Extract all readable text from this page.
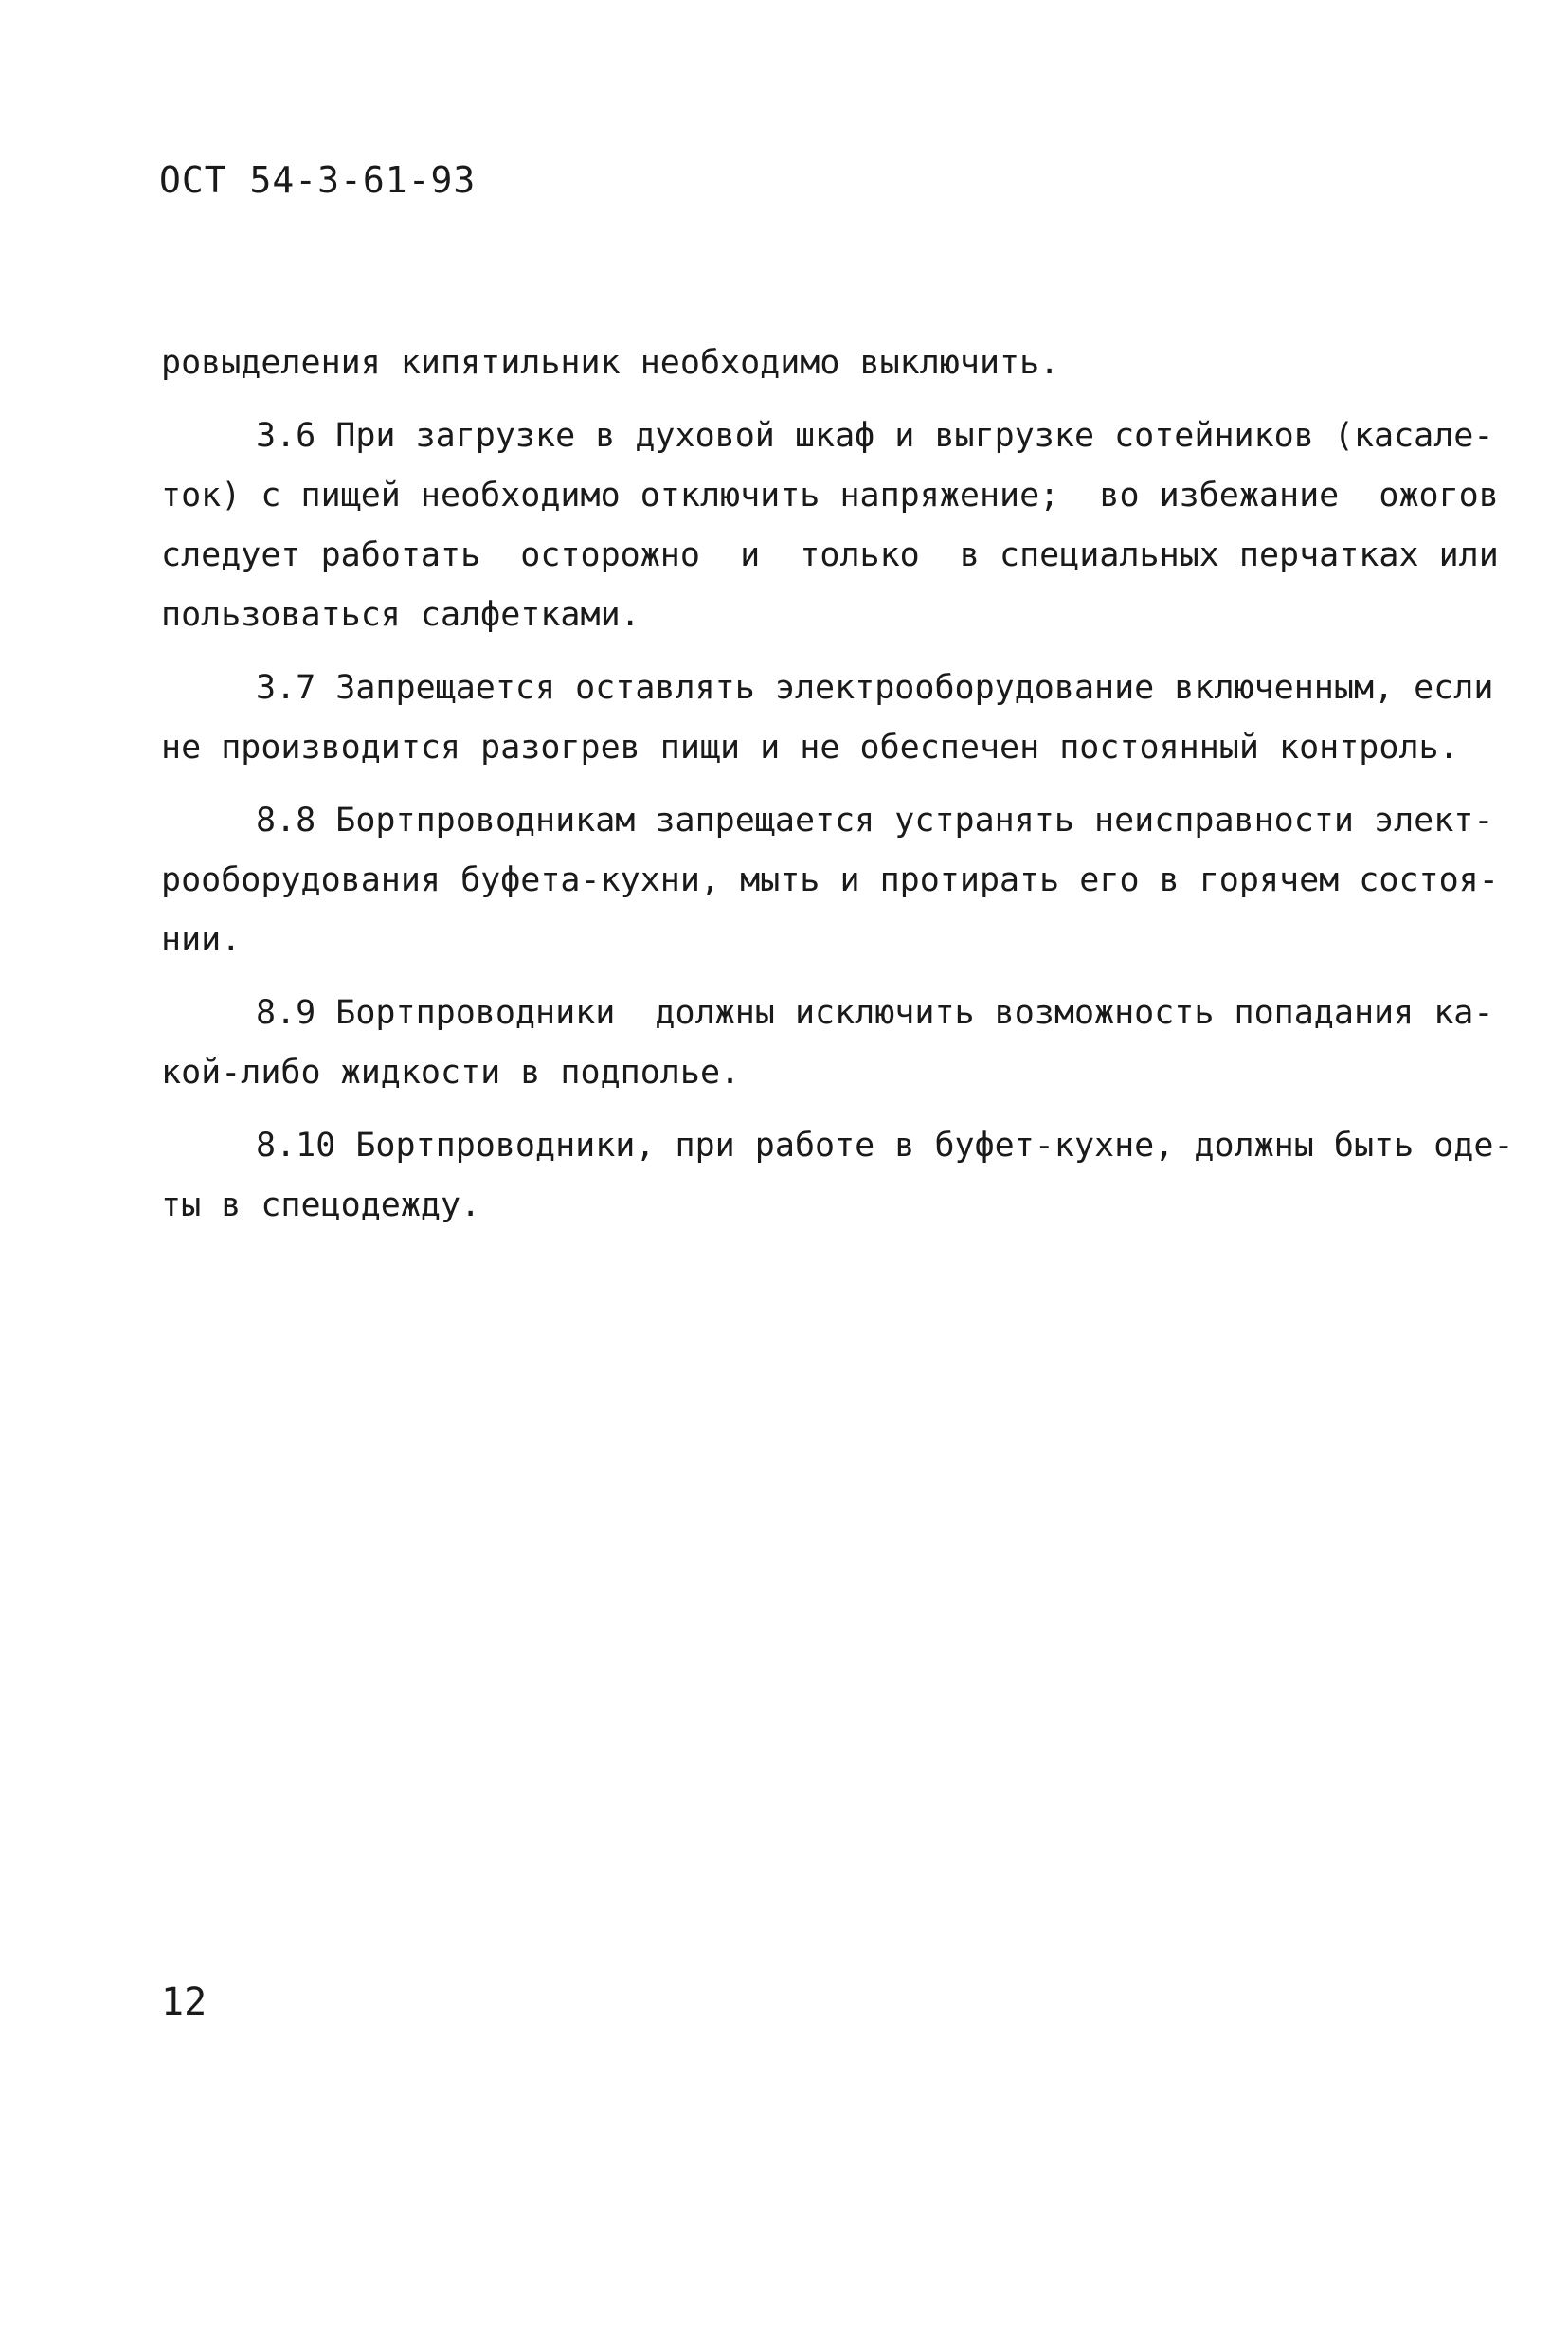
ОСТ 54-3-61-93
ровыделения кипятильник необходимо выключить.
3.6 При загрузке в духовой шкаф и выгрузке сотейников (касале-
ток) с пищей необходимо отключить напряжение;  во избежание  ожогов
следует работать  осторожно  и  только  в специальных перчатках или
пользоваться салфетками.
3.7 Запрещается оставлять электрооборудование включенным, если
не производится разогрев пищи и не обеспечен постоянный контроль.
8.8 Бортпроводникам запрещается устранять неисправности элект-
рооборудования буфета-кухни, мыть и протирать его в горячем состоя-
нии.
8.9 Бортпроводники  должны исключить возможность попадания ка-
кой-либо жидкости в подполье.
8.10 Бортпроводники, при работе в буфет-кухне, должны быть оде-
ты в спецодежду.
12
